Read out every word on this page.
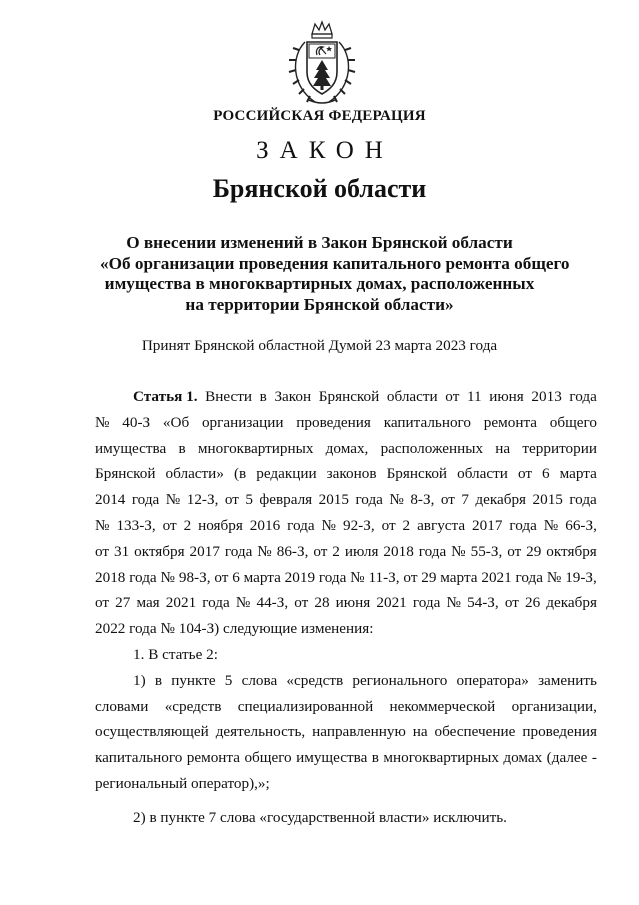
РОССИЙСКАЯ ФЕДЕРАЦИЯ
ЗАКОН
Брянской области
О внесении изменений в Закон Брянской области
«Об организации проведения капитального ремонта общего
имущества в многоквартирных домах, расположенных
на территории Брянской области»
Принят Брянской областной Думой 23 марта 2023 года
Статья 1. Внести в Закон Брянской области от 11 июня 2013 года
№ 40-З «Об организации проведения капитального ремонта общего
имущества в многоквартирных домах, расположенных на территории
Брянской области» (в редакции законов Брянской области от 6 марта
2014 года № 12-З, от 5 февраля 2015 года № 8-З, от 7 декабря 2015 года
№ 133-З, от 2 ноября 2016 года № 92-З, от 2 августа 2017 года № 66-З,
от 31 октября 2017 года № 86-З, от 2 июля 2018 года № 55-З, от 29 октября
2018 года № 98-З, от 6 марта 2019 года № 11-З, от 29 марта 2021 года № 19-З,
от 27 мая 2021 года № 44-З, от 28 июня 2021 года № 54-З, от 26 декабря
2022 года № 104-З) следующие изменения:
1. В статье 2:
1) в пункте 5 слова «средств регионального оператора» заменить
словами «средств специализированной некоммерческой организации,
осуществляющей деятельность, направленную на обеспечение проведения
капитального ремонта общего имущества в многоквартирных домах (далее -
региональный оператор),»;
2) в пункте 7 слова «государственной власти» исключить.
